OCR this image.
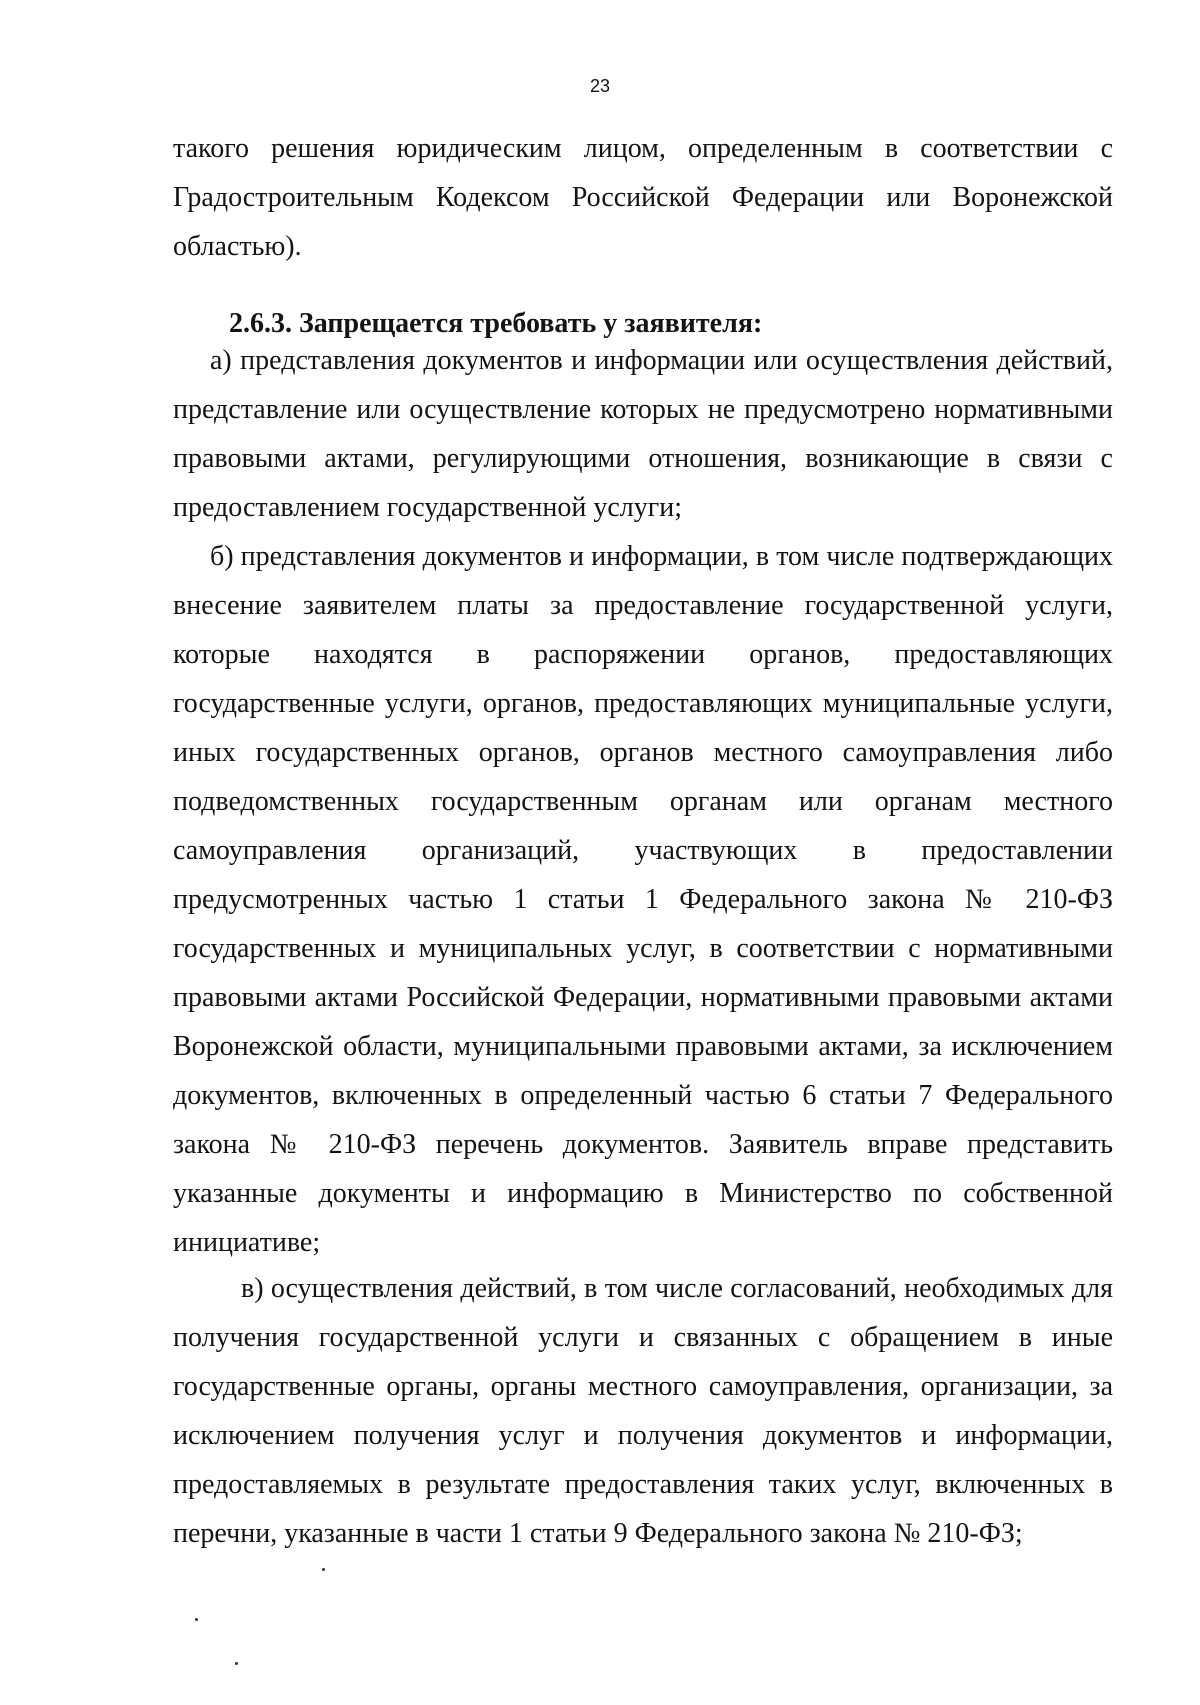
23

такого решения юридическим лицом, определенным в соответствии с Градостроительным Кодексом Российской Федерации или Воронежской областью).

2.6.3. Запрещается требовать у заявителя:

а) представления документов и информации или осуществления действий, представление или осуществление которых не предусмотрено нормативными правовыми актами, регулирующими отношения, возникающие в связи с предоставлением государственной услуги;

б) представления документов и информации, в том числе подтверждающих внесение заявителем платы за предоставление государственной услуги, которые находятся в распоряжении органов, предоставляющих государственные услуги, органов, предоставляющих муниципальные услуги, иных государственных органов, органов местного самоуправления либо подведомственных государственным органам или органам местного самоуправления организаций, участвующих в предоставлении предусмотренных частью 1 статьи 1 Федерального закона № 210-ФЗ государственных и муниципальных услуг, в соответствии с нормативными правовыми актами Российской Федерации, нормативными правовыми актами Воронежской области, муниципальными правовыми актами, за исключением документов, включенных в определенный частью 6 статьи 7 Федерального закона № 210-ФЗ перечень документов. Заявитель вправе представить указанные документы и информацию в Министерство по собственной инициативе;

в) осуществления действий, в том числе согласований, необходимых для получения государственной услуги и связанных с обращением в иные государственные органы, органы местного самоуправления, организации, за исключением получения услуг и получения документов и информации, предоставляемых в результате предоставления таких услуг, включенных в перечни, указанные в части 1 статьи 9 Федерального закона № 210-ФЗ;
